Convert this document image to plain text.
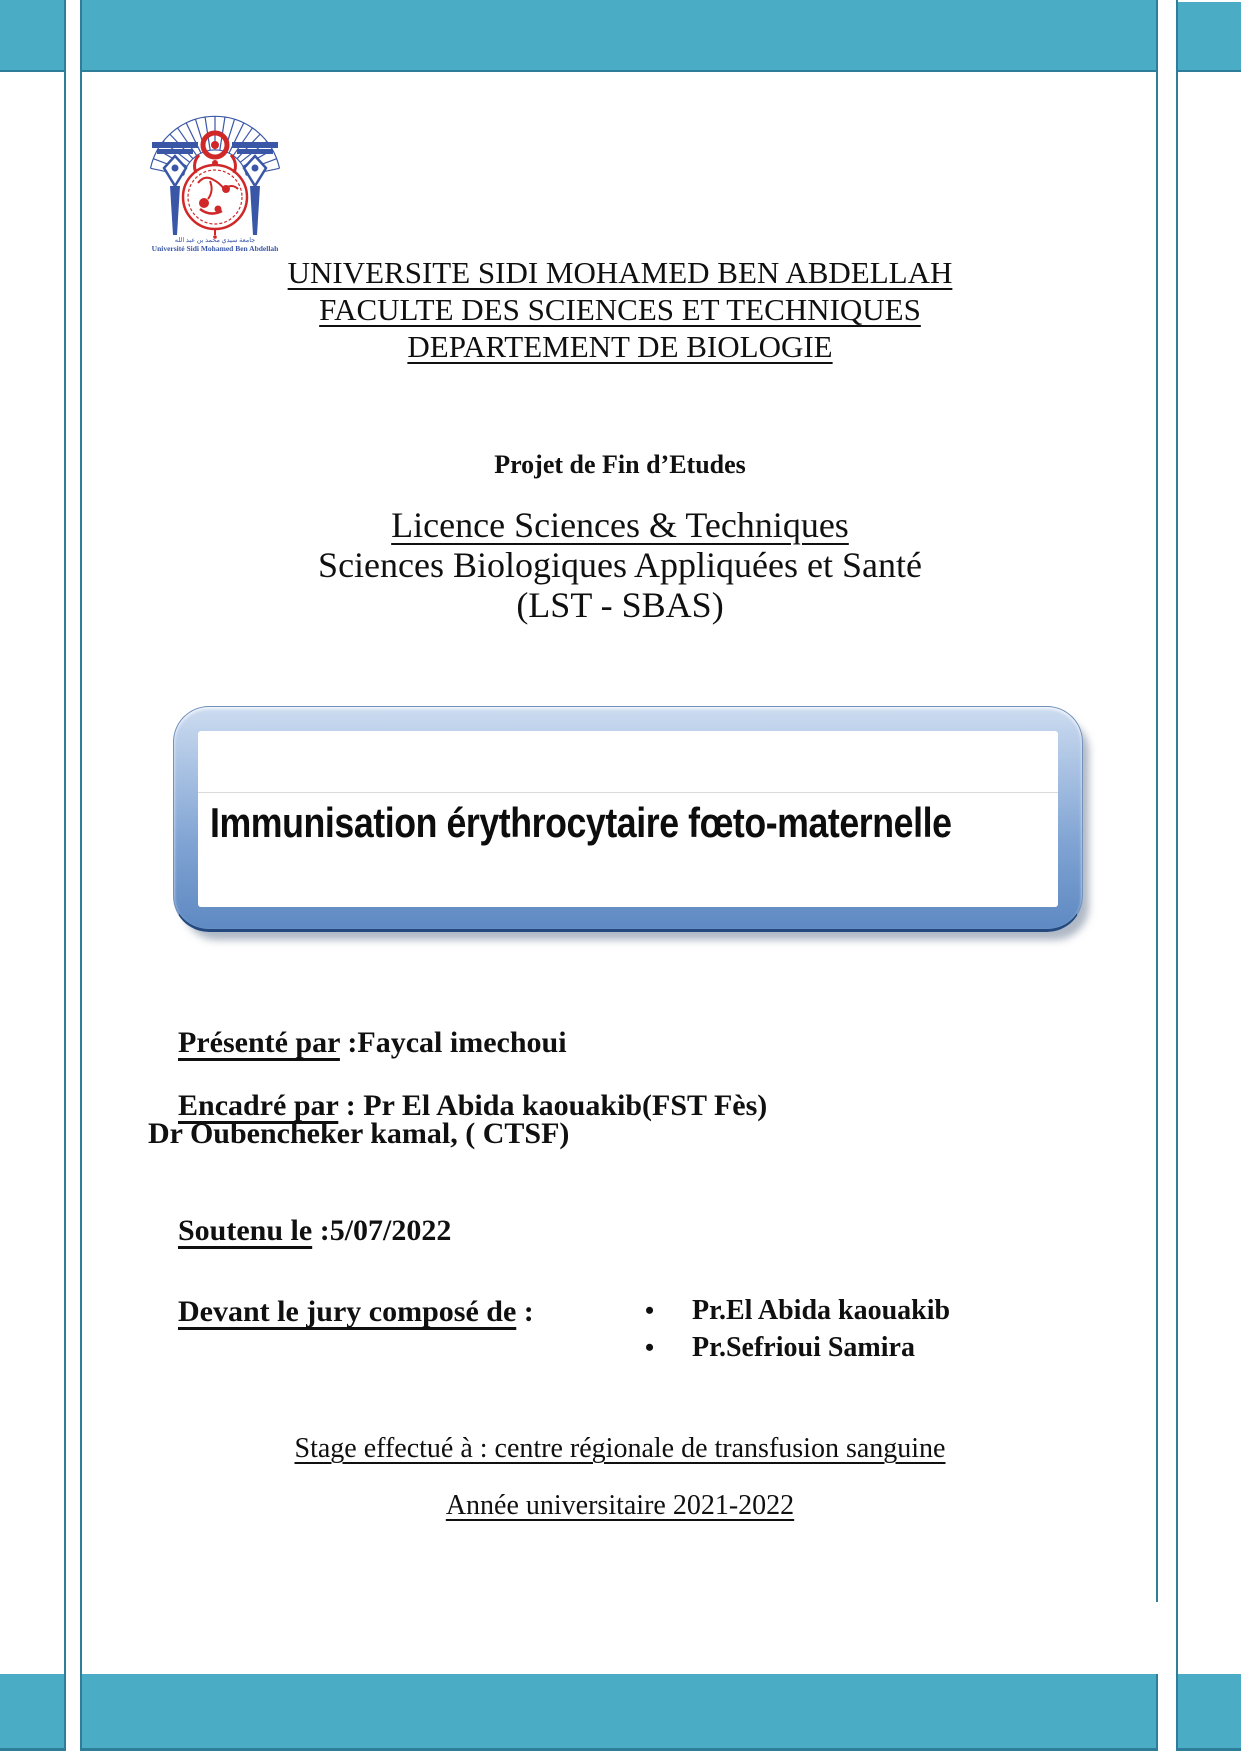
جامعة سيدي محمد بن عبد الله
Université Sidi Mohamed Ben Abdellah
UNIVERSITE SIDI MOHAMED BEN ABDELLAH
FACULTE DES SCIENCES ET TECHNIQUES
DEPARTEMENT DE BIOLOGIE
Projet de Fin d’Etudes
Licence Sciences & Techniques
Sciences Biologiques Appliquées et Santé
(LST - SBAS)
Immunisation érythrocytaire fœto-maternelle

Présenté par :Faycal imechoui

Encadré par : Pr El Abida kaouakib(FST Fès)

Dr Oubencheker kamal, ( CTSF)

Soutenu le :5/07/2022

Devant le jury composé de :
	•	Pr.El Abida kaouakib
•	Pr.Sefrioui Samira
Stage effectué à : centre régionale de transfusion sanguine
Année universitaire 2021-2022
